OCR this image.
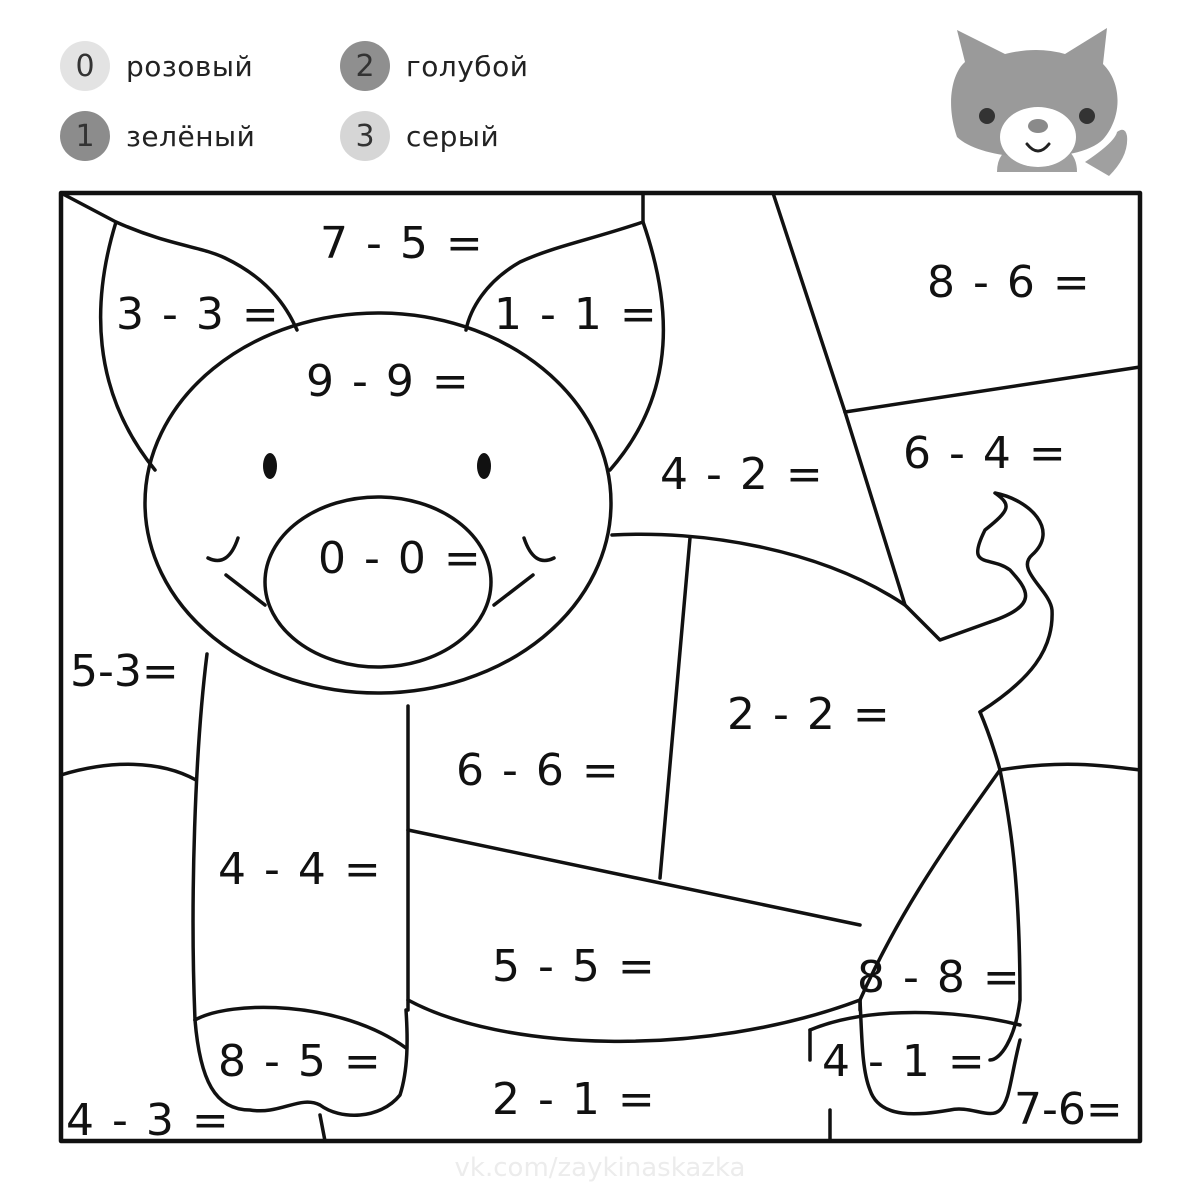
0	розовый
1	зелёный
2	голубой
3	серый
3 - 3 =
7 - 5 =
1 - 1 =
8 - 6 =
9 - 9 =
6 - 4 =
4 - 2 =
0 - 0 =
5-3=
2 - 2 =
6 - 6 =
4 - 4 =
5 - 5 =	8 - 8 =
8 - 5 =	4 - 1 =
2 - 1 =
4 - 3 =	7-6=
vk.com/zaykinaskazka
